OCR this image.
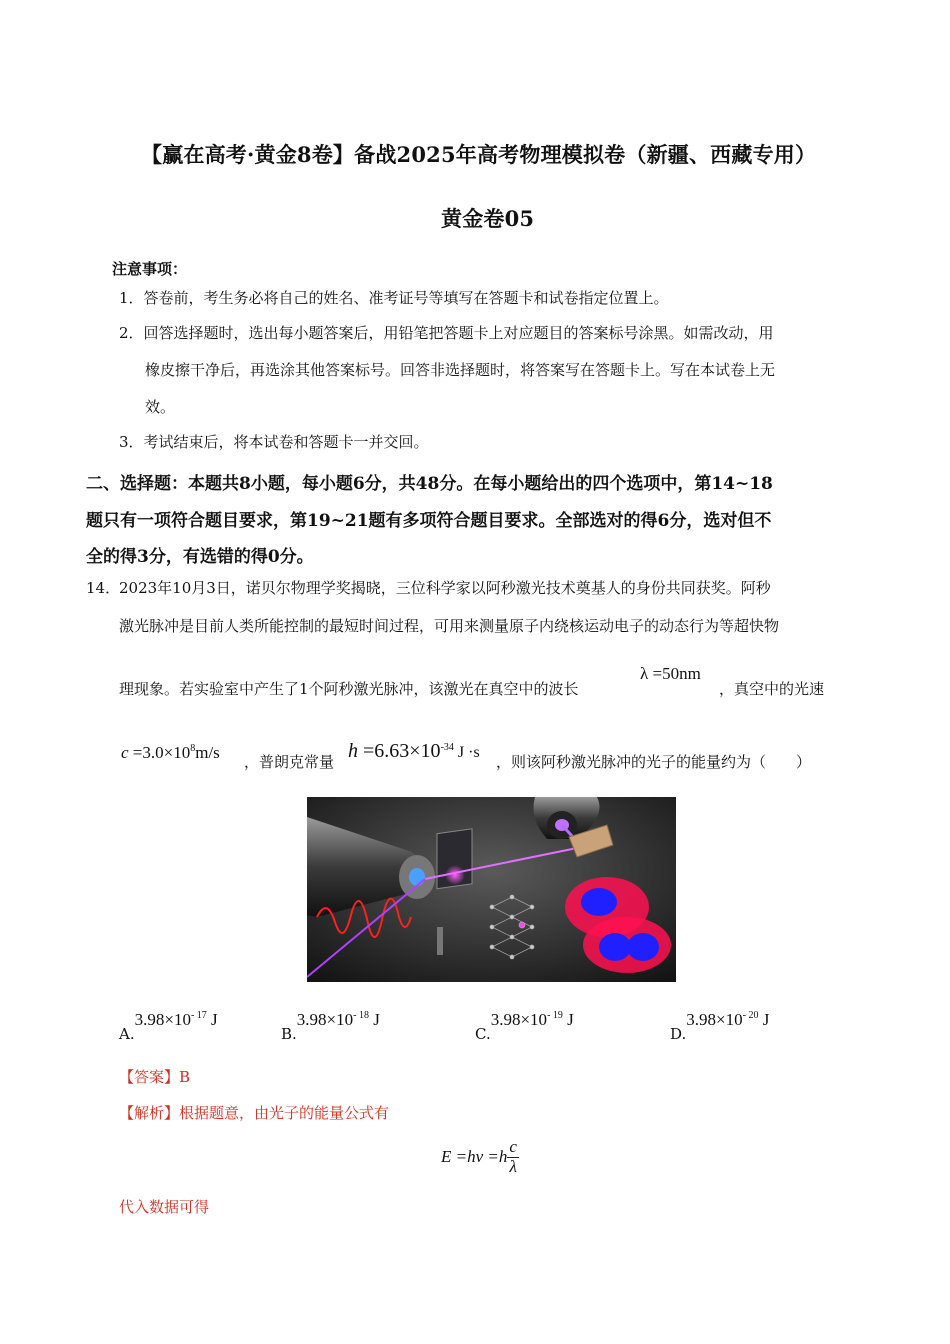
【赢在高考·黄金8卷】备战2025年高考物理模拟卷（新疆、西藏专用）
黄金卷05
注意事项：
1．答卷前，考生务必将自己的姓名、准考证号等填写在答题卡和试卷指定位置上。
2．回答选择题时，选出每小题答案后，用铅笔把答题卡上对应题目的答案标号涂黑。如需改动，用
橡皮擦干净后，再选涂其他答案标号。回答非选择题时，将答案写在答题卡上。写在本试卷上无
效。
3．考试结束后，将本试卷和答题卡一并交回。
二、选择题：本题共8小题，每小题6分，共48分。在每小题给出的四个选项中，第14~18
题只有一项符合题目要求，第19~21题有多项符合题目要求。全部选对的得6分，选对但不
全的得3分，有选错的得0分。
14．
2023年10月3日，诺贝尔物理学奖揭晓，三位科学家以阿秒激光技术奠基人的身份共同获奖。阿秒
激光脉冲是目前人类所能控制的最短时间过程，可用来测量原子内绕核运动电子的动态行为等超快物
理现象。若实验室中产生了1个阿秒激光脉冲，该激光在真空中的波长
λ =50nm
，真空中的光速
$c =3.0\times 10^8m/s$ ，普朗克常量 $h =6.63\times 10^{-34}$ J ·s
，则该阿秒激光脉冲的光子的能量约为（　　）
$A.3.98\times 10^{- 17}$ J
$B.3.98\times 10^{- 18}$ J
$C.3.98\times 10^{- 19}$ J
$D.3.98\times 10^{- 20}$ J
【答案】B
【解析】根据题意，由光子的能量公式有
$E =h\nu =h \frac{c}{\lambda}$
代入数据可得
